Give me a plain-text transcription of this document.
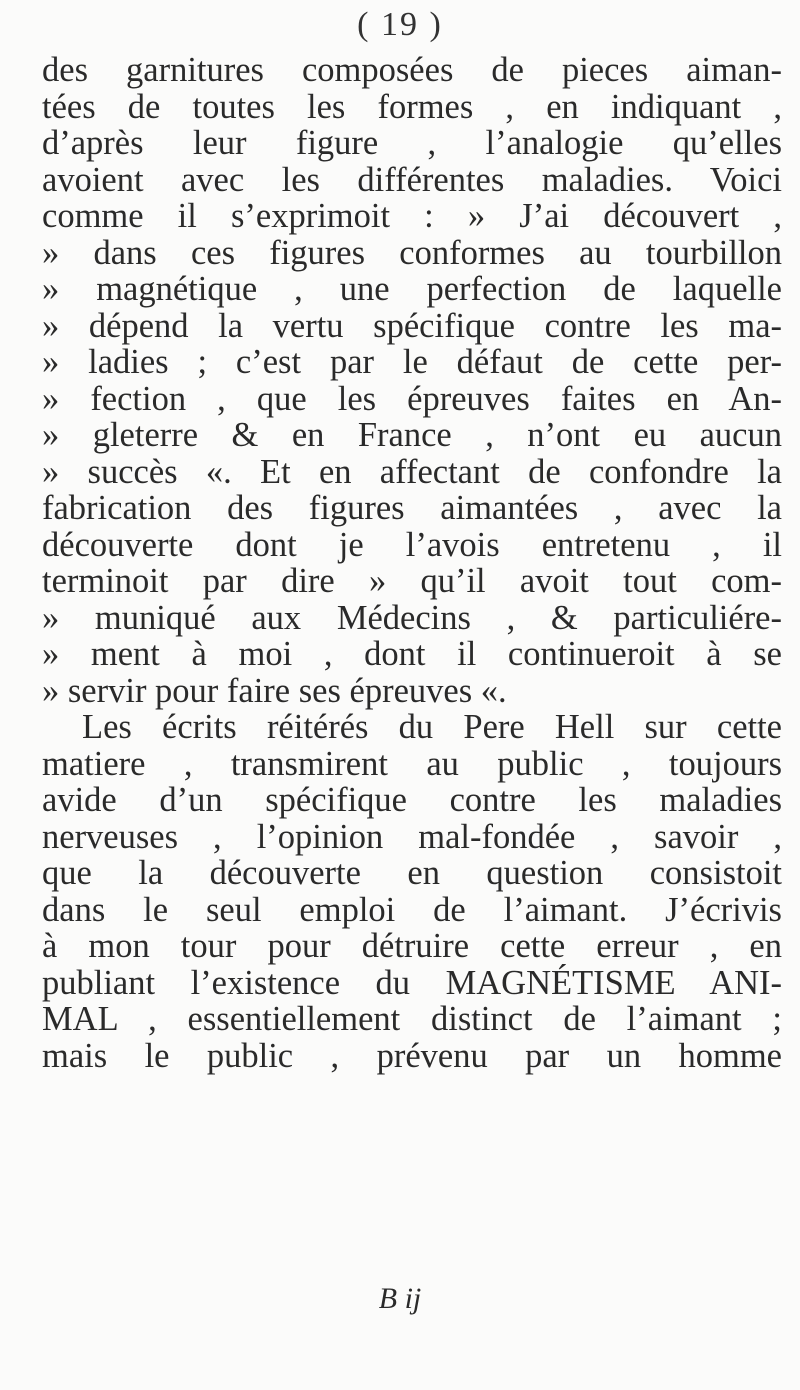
( 19 )
des garnitures composées de pieces aiman-
tées de toutes les formes , en indiquant ,
d’après leur figure , l’analogie qu’elles
avoient avec les différentes maladies. Voici
comme il s’exprimoit : » J’ai découvert ,
» dans ces figures conformes au tourbillon
» magnétique , une perfection de laquelle
» dépend la vertu spécifique contre les ma-
» ladies ; c’est par le défaut de cette per-
» fection , que les épreuves faites en An-
» gleterre & en France , n’ont eu aucun
» succès «. Et en affectant de confondre la
fabrication des figures aimantées , avec la
découverte dont je l’avois entretenu , il
terminoit par dire » qu’il avoit tout com-
» muniqué aux Médecins , & particuliére-
» ment à moi , dont il continueroit à se
» servir pour faire ses épreuves «.
Les écrits réitérés du Pere Hell sur cette
matiere , transmirent au public , toujours
avide d’un spécifique contre les maladies
nerveuses , l’opinion mal-fondée , savoir ,
que la découverte en question consistoit
dans le seul emploi de l’aimant. J’écrivis
à mon tour pour détruire cette erreur , en
publiant l’existence du MAGNÉTISME ANI-
MAL , essentiellement distinct de l’aimant ;
mais le public , prévenu par un homme
B ij
